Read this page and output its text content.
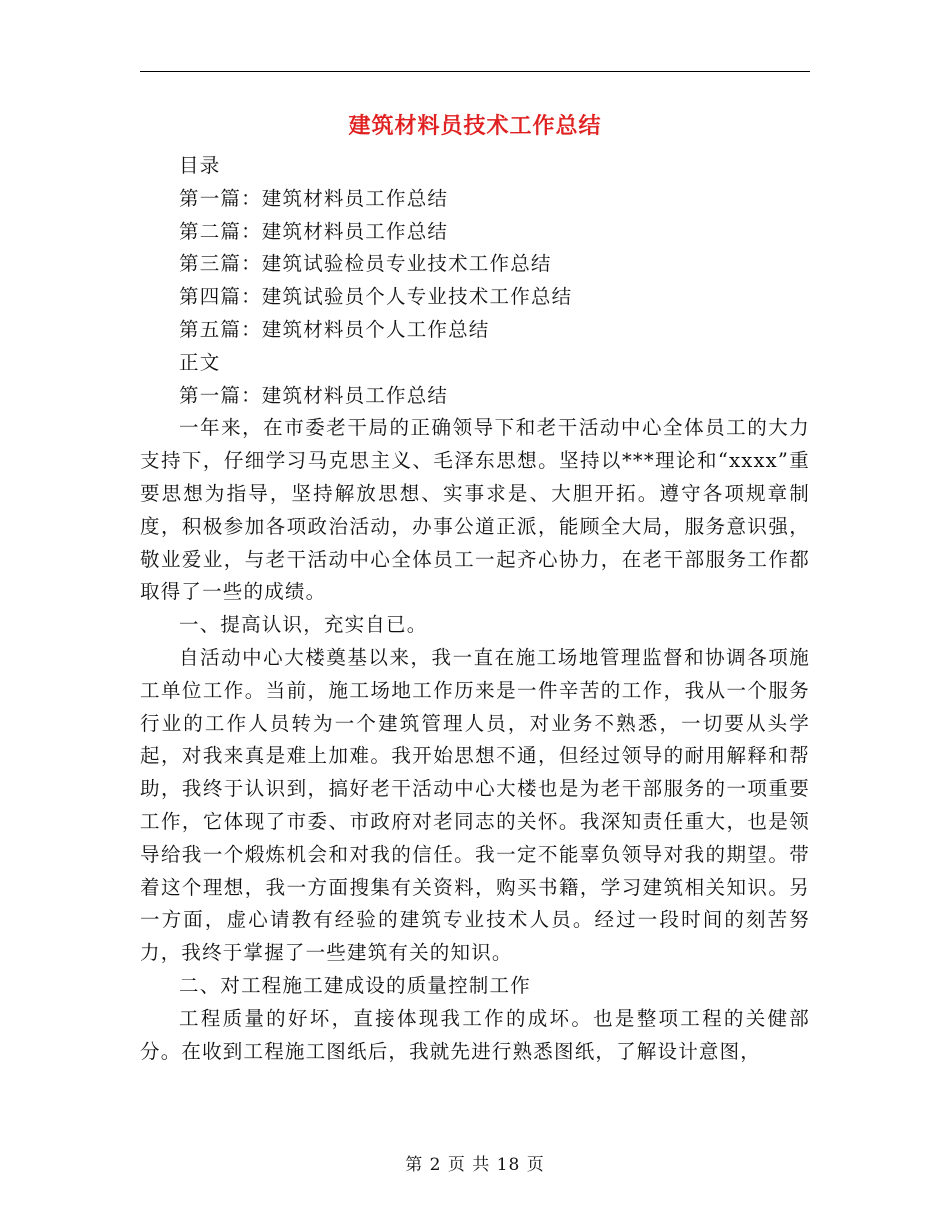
建筑材料员技术工作总结

目录

第一篇：建筑材料员工作总结

第二篇：建筑材料员工作总结

第三篇：建筑试验检员专业技术工作总结

第四篇：建筑试验员个人专业技术工作总结

第五篇：建筑材料员个人工作总结

正文

第一篇：建筑材料员工作总结

一年来，在市委老干局的正确领导下和老干活动中心全体员工的大力支持下，仔细学习马克思主义、毛泽东思想。坚持以***理论和“xxxx”重要思想为指导，坚持解放思想、实事求是、大胆开拓。遵守各项规章制度，积极参加各项政治活动，办事公道正派，能顾全大局，服务意识强，敬业爱业，与老干活动中心全体员工一起齐心协力，在老干部服务工作都取得了一些的成绩。

一、提高认识，充实自已。

自活动中心大楼奠基以来，我一直在施工场地管理监督和协调各项施工单位工作。当前，施工场地工作历来是一件辛苦的工作，我从一个服务行业的工作人员转为一个建筑管理人员，对业务不熟悉，一切要从头学起，对我来真是难上加难。我开始思想不通，但经过领导的耐用解释和帮助，我终于认识到，搞好老干活动中心大楼也是为老干部服务的一项重要工作，它体现了市委、市政府对老同志的关怀。我深知责任重大，也是领导给我一个煅炼机会和对我的信任。我一定不能辜负领导对我的期望。带着这个理想，我一方面搜集有关资料，购买书籍，学习建筑相关知识。另一方面，虚心请教有经验的建筑专业技术人员。经过一段时间的刻苦努力，我终于掌握了一些建筑有关的知识。

二、对工程施工建成设的质量控制工作

工程质量的好坏，直接体现我工作的成坏。也是整项工程的关健部分。在收到工程施工图纸后，我就先进行熟悉图纸，了解设计意图，

第 2 页 共 18 页
